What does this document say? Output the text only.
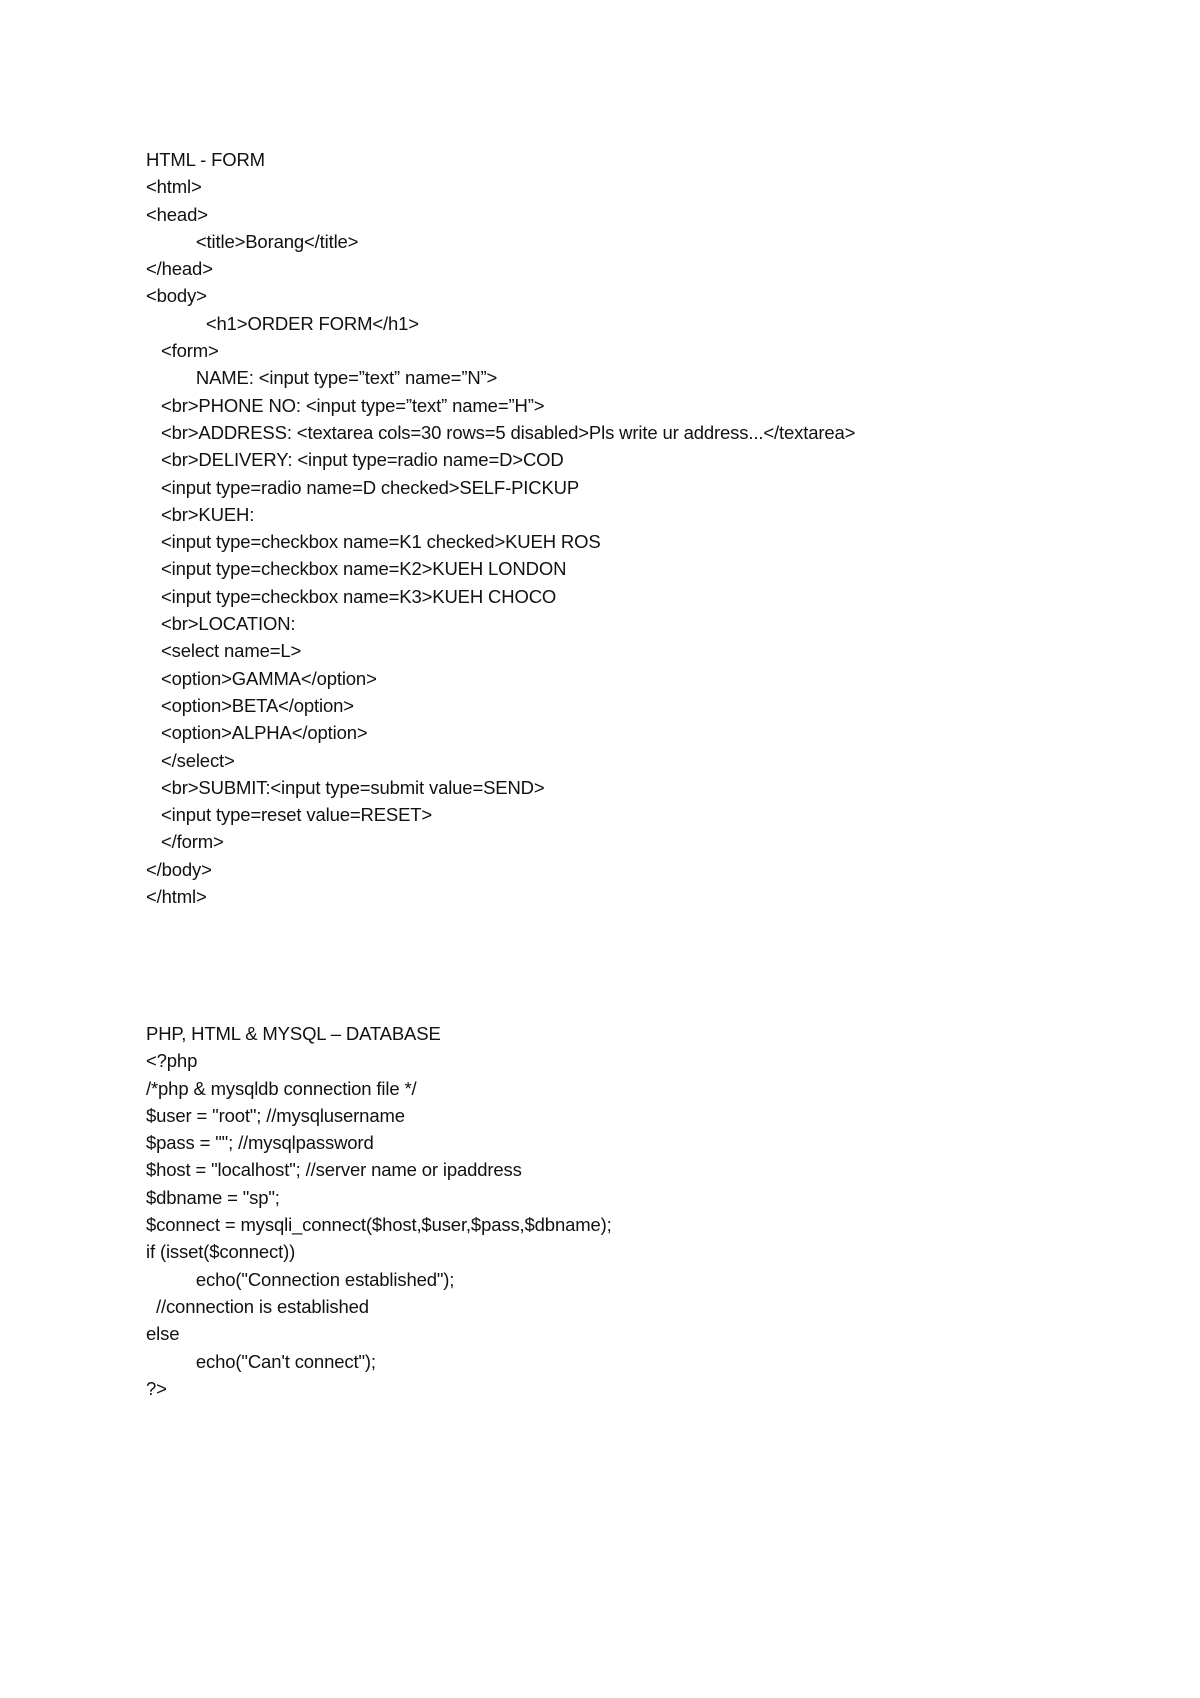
HTML - FORM
<html>
<head>
<title>Borang</title>
</head>
<body>
<h1>ORDER FORM</h1>
<form>
NAME: <input type=”text” name=”N”>
<br>PHONE NO: <input type=”text” name=”H”>
<br>ADDRESS: <textarea cols=30 rows=5 disabled>Pls write ur address...</textarea>
<br>DELIVERY: <input type=radio name=D>COD
<input type=radio name=D checked>SELF-PICKUP
<br>KUEH:
<input type=checkbox name=K1 checked>KUEH ROS
<input type=checkbox name=K2>KUEH LONDON
<input type=checkbox name=K3>KUEH CHOCO
<br>LOCATION:
<select name=L>
<option>GAMMA</option>
<option>BETA</option>
<option>ALPHA</option>
</select>
<br>SUBMIT:<input type=submit value=SEND>
<input type=reset value=RESET>
</form>
</body>
</html>
PHP, HTML & MYSQL – DATABASE
<?php
/*php & mysqldb connection file */
$user = "root"; //mysqlusername
$pass = ""; //mysqlpassword
$host = "localhost"; //server name or ipaddress
$dbname = "sp";
$connect = mysqli_connect($host,$user,$pass,$dbname);
if (isset($connect))
echo("Connection established");
//connection is established
else
echo("Can't connect");
?>
